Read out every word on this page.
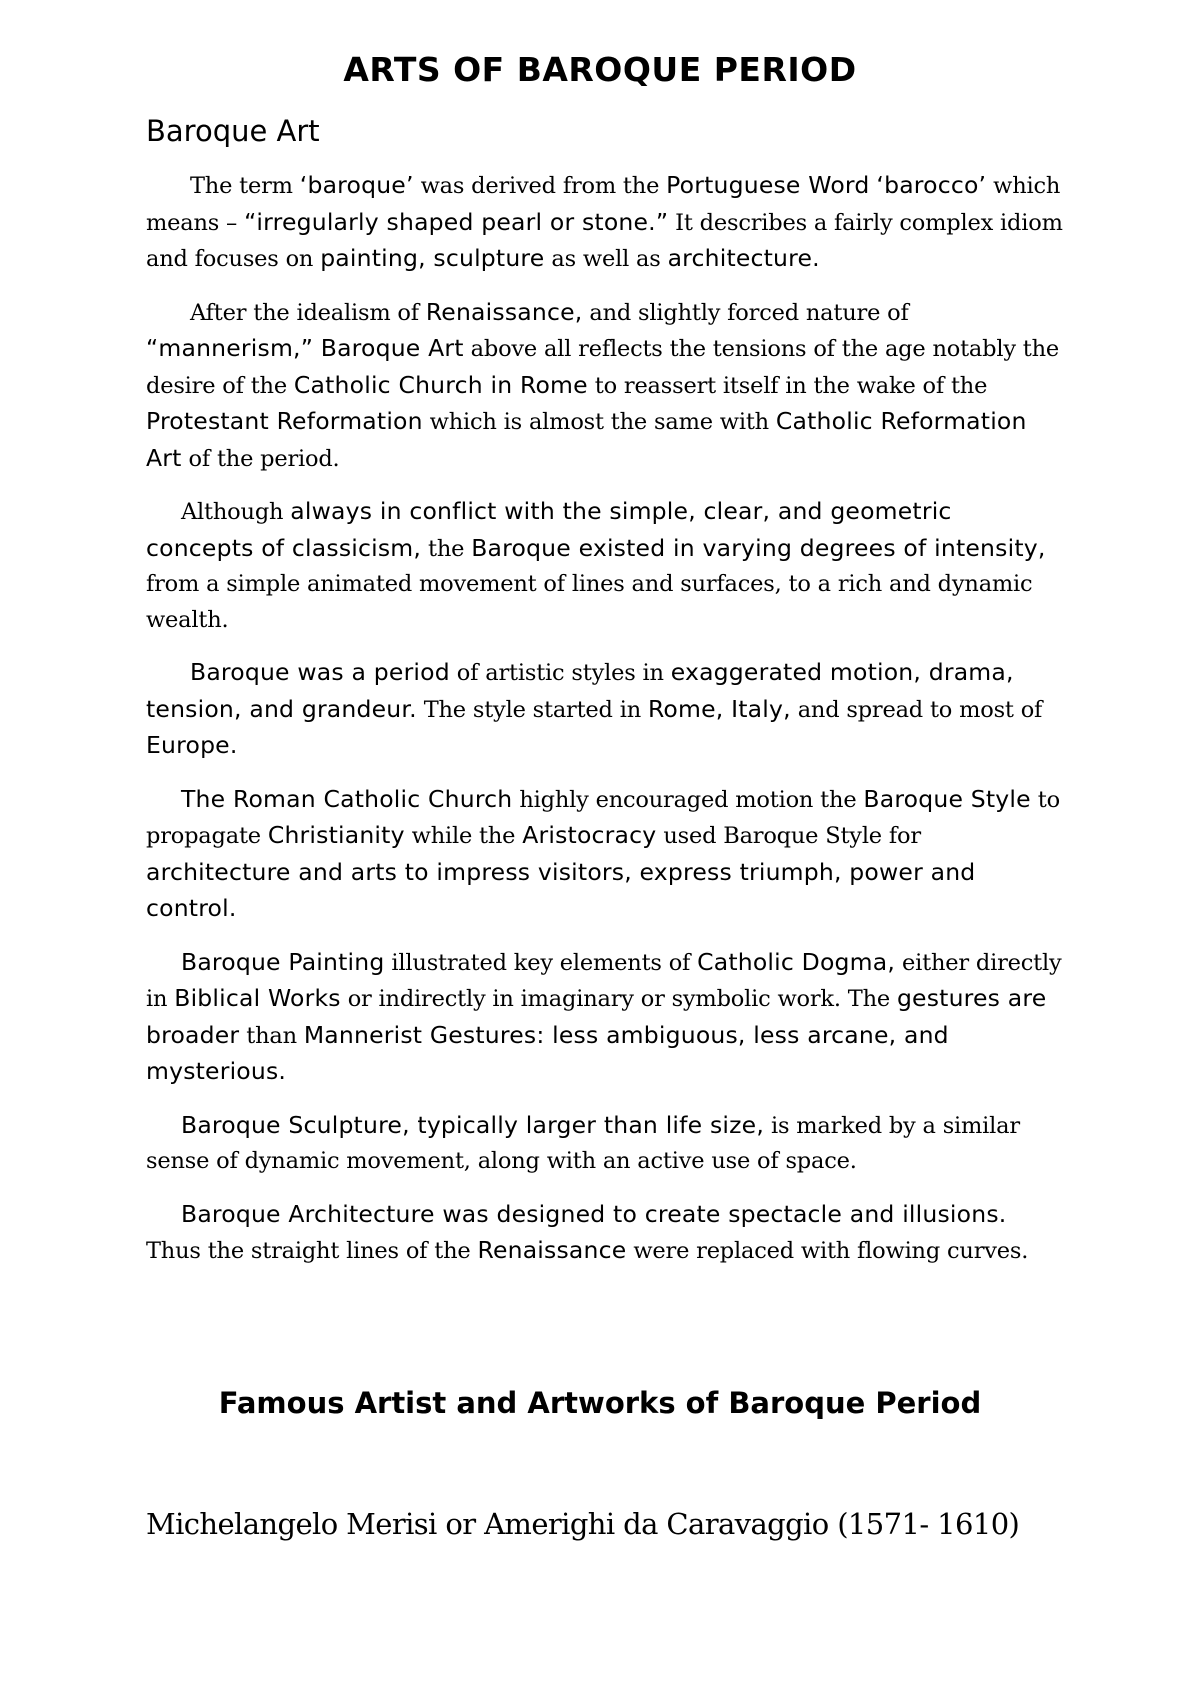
ARTS OF BAROQUE PERIOD
Baroque Art

The term ‘baroque’ was derived from the Portuguese Word ‘barocco’ which means – “irregularly shaped pearl or stone.” It describes a fairly complex idiom and focuses on painting, sculpture as well as architecture.

After the idealism of Renaissance, and slightly forced nature of “mannerism,” Baroque Art above all reflects the tensions of the age notably the desire of the Catholic Church in Rome to reassert itself in the wake of the Protestant Reformation which is almost the same with Catholic Reformation Art of the period.

Although always in conflict with the simple, clear, and geometric concepts of classicism, the Baroque existed in varying degrees of intensity, from a simple animated movement of lines and surfaces, to a rich and dynamic wealth.

Baroque was a period of artistic styles in exaggerated motion, drama, tension, and grandeur. The style started in Rome, Italy, and spread to most of Europe.

The Roman Catholic Church highly encouraged motion the Baroque Style to propagate Christianity while the Aristocracy used Baroque Style for architecture and arts to impress visitors, express triumph, power and control.

Baroque Painting illustrated key elements of Catholic Dogma, either directly in Biblical Works or indirectly in imaginary or symbolic work. The gestures are broader than Mannerist Gestures: less ambiguous, less arcane, and mysterious.

Baroque Sculpture, typically larger than life size, is marked by a similar sense of dynamic movement, along with an active use of space.

Baroque Architecture was designed to create spectacle and illusions. Thus the straight lines of the Renaissance were replaced with flowing curves.

Famous Artist and Artworks of Baroque Period
Michelangelo Merisi or Amerighi da Caravaggio (1571- 1610)
